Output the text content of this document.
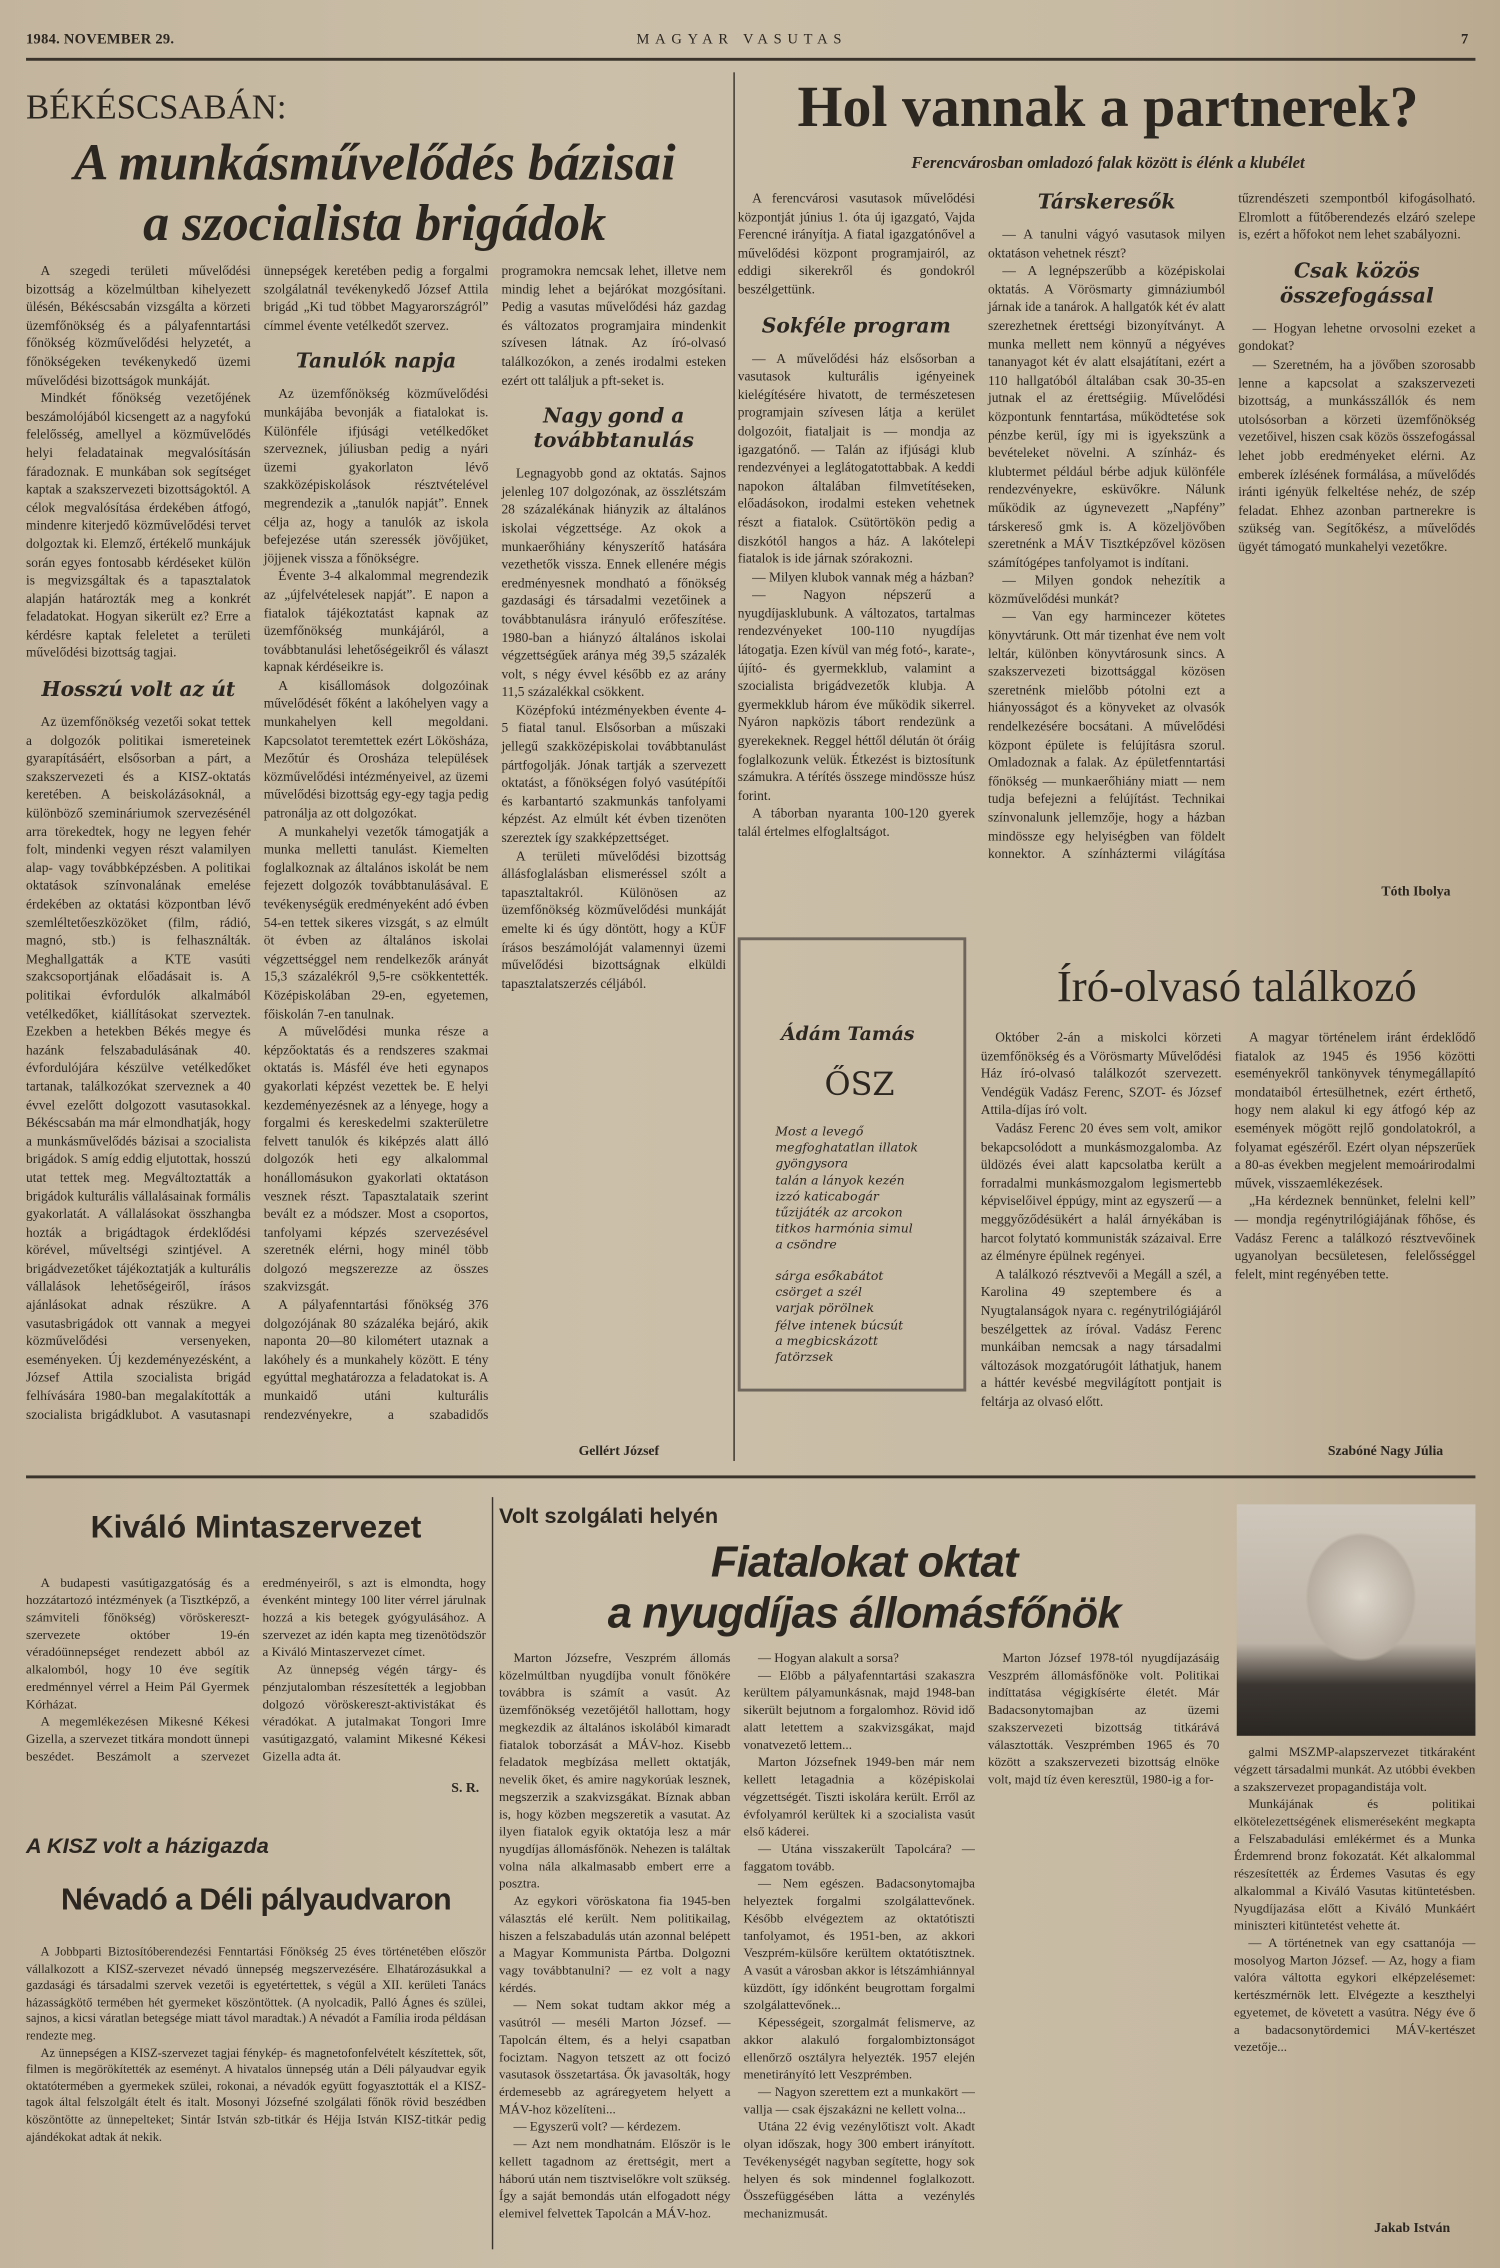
1984. NOVEMBER 29.	MAGYAR VASUTAS	7
BÉKÉSCSABÁN:
A munkásművelődés bázisai
a szocialista brigádok

A szegedi területi művelődési bizottság a közelmúltban kihelyezett ülésén, Békéscsabán vizsgálta a körzeti üzemfőnökség és a pályafenntartási főnökség közművelődési helyzetét, a főnökségeken tevékenykedő üzemi művelődési bizottságok munkáját.

Mindkét főnökség vezetőjének beszámolójából kicsengett az a nagyfokú felelősség, amellyel a közművelődés helyi feladatainak megvalósításán fáradoznak. E munkában sok segítséget kaptak a szakszervezeti bizottságoktól. A célok megvalósítása érdekében átfogó, mindenre kiterjedő közművelődési tervet dolgoztak ki. Elemző, értékelő munkájuk során egyes fontosabb kérdéseket külön is megvizsgáltak és a tapasztalatok alapján határozták meg a konkrét feladatokat. Hogyan sikerült ez? Erre a kérdésre kaptak feleletet a területi művelődési bizottság tagjai.

Hosszú volt az út

Az üzemfőnökség vezetői sokat tettek a dolgozók politikai ismereteinek gyarapításáért, elsősorban a párt, a szakszervezeti és a KISZ-oktatás keretében. A beiskolázásoknál, a különböző szemináriumok szervezésénél arra törekedtek, hogy ne legyen fehér folt, mindenki vegyen részt valamilyen alap- vagy továbbképzésben. A politikai oktatások színvonalának emelése érdekében az oktatási központban lévő szemléltetőeszközöket (film, rádió, magnó, stb.) is felhasználták. Meghallgatták a KTE vasúti szakcsoportjának előadásait is. A politikai évfordulók alkalmából vetélkedőket, kiállításokat szerveztek. Ezekben a hetekben Békés megye és hazánk felszabadulásának 40. évfordulójára készülve vetélkedőket tartanak, találkozókat szerveznek a 40 évvel ezelőtt dolgozott vasutasokkal. Békéscsabán ma már elmondhatják, hogy a munkásművelődés bázisai a szocialista brigádok. S amíg eddig eljutottak, hosszú utat tettek meg. Megváltoztatták a brigádok kulturális vállalásainak formális gyakorlatát. A vállalásokat összhangba hozták a brigádtagok érdeklődési körével, műveltségi szintjével. A brigádvezetőket tájékoztatják a kulturális vállalások lehetőségeiről, írásos ajánlásokat adnak részükre. A vasutasbrigádok ott vannak a megyei közművelődési versenyeken, eseményeken. Új kezdeményezésként, a József Attila szocialista brigád felhívására 1980-ban megalakították a szocialista brigádklubot. A vasutasnapi ünnepségek keretében pedig a forgalmi szolgálatnál tevékenykedő József Attila brigád „Ki tud többet Magyarországról” címmel évente vetélkedőt szervez.

Tanulók napja

Az üzemfőnökség közművelődési munkájába bevonják a fiatalokat is. Különféle ifjúsági vetélkedőket szerveznek, júliusban pedig a nyári üzemi gyakorlaton lévő szakközépiskolások résztvételével megrendezik a „tanulók napját”. Ennek célja az, hogy a tanulók az iskola befejezése után szeressék jövőjüket, jöjjenek vissza a főnökségre.

Évente 3-4 alkalommal megrendezik az „újfelvételesek napját”. E napon a fiatalok tájékoztatást kapnak az üzemfőnökség munkájáról, a továbbtanulási lehetőségeikről és választ kapnak kérdéseikre is.

A kisállomások dolgozóinak művelődését főként a lakóhelyen vagy a munkahelyen kell megoldani. Kapcsolatot teremtettek ezért Lökösháza, Mezőtúr és Orosháza települések közművelődési intézményeivel, az üzemi művelődési bizottság egy-egy tagja pedig patronálja az ott dolgozókat.

A munkahelyi vezetők támogatják a munka melletti tanulást. Kiemelten foglalkoznak az általános iskolát be nem fejezett dolgozók továbbtanulásával. E tevékenységük eredményeként adó évben 54-en tettek sikeres vizsgát, s az elmúlt öt évben az általános iskolai végzettséggel nem rendelkezők arányát 15,3 százalékról 9,5-re csökkentették. Középiskolában 29-en, egyetemen, főiskolán 7-en tanulnak.

A művelődési munka része a képzőoktatás és a rendszeres szakmai oktatás is. Másfél éve heti egynapos gyakorlati képzést vezettek be. E helyi kezdeményezésnek az a lényege, hogy a forgalmi és kereskedelmi szakterületre felvett tanulók és kiképzés alatt álló dolgozók heti egy alkalommal honállomásukon gyakorlati oktatáson vesznek részt. Tapasztalataik szerint bevált ez a módszer. Most a csoportos, tanfolyami képzés szervezésével szeretnék elérni, hogy minél több dolgozó megszerezze az összes szakvizsgát.

A pályafenntartási főnökség 376 dolgozójának 80 százaléka bejáró, akik naponta 20—80 kilométert utaznak a lakóhely és a munkahely között. E tény egyúttal meghatározza a feladatokat is. A munkaidő utáni kulturális rendezvényekre, a szabadidős programokra nemcsak lehet, illetve nem mindig lehet a bejárókat mozgósítani. Pedig a vasutas művelődési ház gazdag és változatos programjaira mindenkit szívesen látnak. Az író-olvasó találkozókon, a zenés irodalmi esteken ezért ott találjuk a pft-seket is.

Nagy gond a továbbtanulás

Legnagyobb gond az oktatás. Sajnos jelenleg 107 dolgozónak, az összlétszám 28 százalékának hiányzik az általános iskolai végzettsége. Az okok a munkaerőhiány kényszerítő hatására vezethetők vissza. Ennek ellenére mégis eredményesnek mondható a főnökség gazdasági és társadalmi vezetőinek a továbbtanulásra irányuló erőfeszítése. 1980-ban a hiányzó általános iskolai végzettségűek aránya még 39,5 százalék volt, s négy évvel később ez az arány 11,5 százalékkal csökkent.

Középfokú intézményekben évente 4-5 fiatal tanul. Elsősorban a műszaki jellegű szakközépiskolai továbbtanulást pártfogolják. Jónak tartják a szervezett oktatást, a főnökségen folyó vasútépítői és karbantartó szakmunkás tanfolyami képzést. Az elmúlt két évben tizenöten szereztek így szakképzettséget.

A területi művelődési bizottság állásfoglalásban elismeréssel szólt a tapasztaltakról. Különösen az üzemfőnökség közművelődési munkáját emelte ki és úgy döntött, hogy a KÜF írásos beszámolóját valamennyi üzemi művelődési bizottságnak elküldi tapasztalatszerzés céljából.

Gellért József
Hol vannak a partnerek?
Ferencvárosban omladozó falak között is élénk a klubélet

A ferencvárosi vasutasok művelődési központját június 1. óta új igazgató, Vajda Ferencné irányítja. A fiatal igazgatónővel a művelődési központ programjairól, az eddigi sikerekről és gondokról beszélgettünk.

Sokféle program

— A művelődési ház elsősorban a vasutasok kulturális igényeinek kielégítésére hivatott, de természetesen programjain szívesen látja a kerület dolgozóit, fiataljait is — mondja az igazgatónő. — Talán az ifjúsági klub rendezvényei a leglátogatottabbak. A keddi napokon általában filmvetítéseken, előadásokon, irodalmi esteken vehetnek részt a fiatalok. Csütörtökön pedig a diszkótól hangos a ház. A lakótelepi fiatalok is ide járnak szórakozni.

— Milyen klubok vannak még a házban?

— Nagyon népszerű a nyugdíjasklubunk. A változatos, tartalmas rendezvényeket 100-110 nyugdíjas látogatja. Ezen kívül van még fotó-, karate-, újító- és gyermekklub, valamint a szocialista brigádvezetők klubja. A gyermekklub három éve működik sikerrel. Nyáron napközis tábort rendezünk a gyerekeknek. Reggel héttől délután öt óráig foglalkozunk velük. Étkezést is biztosítunk számukra. A térítés összege mindössze húsz forint.

A táborban nyaranta 100-120 gyerek talál értelmes elfoglaltságot.

Társkeresők

— A tanulni vágyó vasutasok milyen oktatáson vehetnek részt?

— A legnépszerűbb a középiskolai oktatás. A Vörösmarty gimnáziumból járnak ide a tanárok. A hallgatók két év alatt szerezhetnek érettségi bizonyítványt. A munka mellett nem könnyű a négyéves tananyagot két év alatt elsajátítani, ezért a 110 hallgatóból általában csak 30-35-en jutnak el az érettségiig. Művelődési központunk fenntartása, működtetése sok pénzbe kerül, így mi is igyekszünk a bevételeket növelni. A színház- és klubtermet például bérbe adjuk különféle rendezvényekre, esküvőkre. Nálunk működik az úgynevezett „Napfény” társkereső gmk is. A közeljövőben szeretnénk a MÁV Tisztképzővel közösen számítógépes tanfolyamot is indítani.

— Milyen gondok nehezítik a közművelődési munkát?

— Van egy harmincezer kötetes könyvtárunk. Ott már tizenhat éve nem volt leltár, különben könyvtárosunk sincs. A szakszervezeti bizottsággal közösen szeretnénk mielőbb pótolni ezt a hiányosságot és a könyveket az olvasók rendelkezésére bocsátani. A művelődési központ épülete is felújításra szorul. Omladoznak a falak. Az épületfenntartási főnökség — munkaerőhiány miatt — nem tudja befejezni a felújítást. Technikai színvonalunk jellemzője, hogy a házban mindössze egy helyiségben van földelt konnektor. A színháztermi világítása tűzrendészeti szempontból kifogásolható. Elromlott a fűtőberendezés elzáró szelepe is, ezért a hőfokot nem lehet szabályozni.

Csak közös összefogással

— Hogyan lehetne orvosolni ezeket a gondokat?

— Szeretném, ha a jövőben szorosabb lenne a kapcsolat a szakszervezeti bizottság, a munkásszállók és nem utolsósorban a körzeti üzemfőnökség vezetőivel, hiszen csak közös összefogással lehet jobb eredményeket elérni. Az emberek ízlésének formálása, a művelődés iránti igényük felkeltése nehéz, de szép feladat. Ehhez azonban partnerekre is szükség van. Segítőkész, a művelődés ügyét támogató munkahelyi vezetőkre.

Tóth Ibolya
Ádám Tamás
ŐSZ
Most a levegő
megfoghatatlan illatok
gyöngysora
talán a lányok kezén
izzó katicabogár
tűzijáték az arcokon
titkos harmónia simul
a csöndre
sárga esőkabátot
csörget a szél
varjak pörölnek
félve intenek búcsút
a megbicskázott
fatörzsek
Író-olvasó találkozó

Október 2-án a miskolci körzeti üzemfőnökség és a Vörösmarty Művelődési Ház író-olvasó találkozót szervezett. Vendégük Vadász Ferenc, SZOT- és József Attila-díjas író volt.

Vadász Ferenc 20 éves sem volt, amikor bekapcsolódott a munkásmozgalomba. Az üldözés évei alatt kapcsolatba került a forradalmi munkásmozgalom legismertebb képviselőivel éppúgy, mint az egyszerű — a meggyőződésükért a halál árnyékában is harcot folytató kommunisták százaival. Erre az élményre épülnek regényei.

A találkozó résztvevői a Megáll a szél, a Karolina 49 szeptembere és a Nyugtalanságok nyara c. regénytrilógiájáról beszélgettek az íróval. Vadász Ferenc munkáiban nemcsak a nagy társadalmi változások mozgatórugóit láthatjuk, hanem a háttér kevésbé megvilágított pontjait is feltárja az olvasó előtt.

A magyar történelem iránt érdeklődő fiatalok az 1945 és 1956 közötti eseményekről tankönyvek ténymegállapító mondataiból értesülhetnek, ezért érthető, hogy nem alakul ki egy átfogó kép az események mögött rejlő gondolatokról, a folyamat egészéről. Ezért olyan népszerűek a 80-as években megjelent memoárirodalmi művek, visszaemlékezések.

„Ha kérdeznek bennünket, felelni kell” — mondja regénytrilógiájának főhőse, és Vadász Ferenc a találkozó résztvevőinek ugyanolyan becsületesen, felelősséggel felelt, mint regényében tette.

Szabóné Nagy Júlia
Kiváló Mintaszervezet

A budapesti vasútigazgatóság és a hozzátartozó intézmények (a Tisztképző, a számviteli főnökség) vöröskereszt-szervezete október 19-én véradóünnepséget rendezett abból az alkalomból, hogy 10 éve segítik eredménnyel vérrel a Heim Pál Gyermek Kórházat.

A megemlékezésen Mikesné Kékesi Gizella, a szervezet titkára mondott ünnepi beszédet. Beszámolt a szervezet eredményeiről, s azt is elmondta, hogy évenként mintegy 100 liter vérrel járulnak hozzá a kis betegek gyógyulásához. A szervezet az idén kapta meg tizenötödször a Kiváló Mintaszervezet címet.

Az ünnepség végén tárgy- és pénzjutalomban részesítették a legjobban dolgozó vöröskereszt-aktivistákat és véradókat. A jutalmakat Tongori Imre vasútigazgató, valamint Mikesné Kékesi Gizella adta át.

S. R.
A KISZ volt a házigazda
Névadó a Déli pályaudvaron

A Jobbparti Biztosítóberendezési Fenntartási Főnökség 25 éves történetében először vállalkozott a KISZ-szervezet névadó ünnepség megszervezésére. Elhatározásukkal a gazdasági és társadalmi szervek vezetői is egyetértettek, s végül a XII. kerületi Tanács házasságkötő termében hét gyermeket köszöntöttek. (A nyolcadik, Palló Ágnes és szülei, sajnos, a kicsi váratlan betegsége miatt távol maradtak.) A névadót a Família iroda példásan rendezte meg.

Az ünnepségen a KISZ-szervezet tagjai fénykép- és magnetofonfelvételt készítettek, sőt, filmen is megörökítették az eseményt. A hivatalos ünnepség után a Déli pályaudvar egyik oktatótermében a gyermekek szülei, rokonai, a névadók együtt fogyasztották el a KISZ-tagok által felszolgált ételt és italt. Mosonyi Józsefné szolgálati főnök rövid beszédben köszöntötte az ünnepelteket; Sintár István szb-titkár és Héjja István KISZ-titkár pedig ajándékokat adtak át nekik.

Volt szolgálati helyén
Fiatalokat oktat
a nyugdíjas állomásfőnök

Marton Józsefre, Veszprém állomás közelmúltban nyugdíjba vonult főnökére továbbra is számít a vasút. Az üzemfőnökség vezetőjétől hallottam, hogy megkezdik az általános iskolából kimaradt fiatalok toborzását a MÁV-hoz. Kisebb feladatok megbízása mellett oktatják, nevelik őket, és amire nagykorúak lesznek, megszerzik a szakvizsgákat. Bíznak abban is, hogy közben megszeretik a vasutat. Az ilyen fiatalok egyik oktatója lesz a már nyugdíjas állomásfőnök. Nehezen is találtak volna nála alkalmasabb embert erre a posztra.

Az egykori vöröskatona fia 1945-ben választás elé került. Nem politikailag, hiszen a felszabadulás után azonnal belépett a Magyar Kommunista Pártba. Dolgozni vagy továbbtanulni? — ez volt a nagy kérdés.

— Nem sokat tudtam akkor még a vasútról — meséli Marton József. — Tapolcán éltem, és a helyi csapatban fociztam. Nagyon tetszett az ott focizó vasutasok összetartása. Ők javasolták, hogy érdemesebb az agráregyetem helyett a MÁV-hoz közelíteni...

— Egyszerű volt? — kérdezem.

— Azt nem mondhatnám. Először is le kellett tagadnom az érettségit, mert a háború után nem tisztviselőkre volt szükség. Így a saját bemondás után elfogadott négy elemivel felvettek Tapolcán a MÁV-hoz.

— Hogyan alakult a sorsa?

— Előbb a pályafenntartási szakaszra kerültem pályamunkásnak, majd 1948-ban sikerült bejutnom a forgalomhoz. Rövid idő alatt letettem a szakvizsgákat, majd vonatvezető lettem...

Marton Józsefnek 1949-ben már nem kellett letagadnia a középiskolai végzettségét. Tiszti iskolára került. Erről az évfolyamról kerültek ki a szocialista vasút első káderei.

— Utána visszakerült Tapolcára? — faggatom tovább.

— Nem egészen. Badacsonytomajba helyeztek forgalmi szolgálattevőnek. Később elvégeztem az oktatótiszti tanfolyamot, és 1951-ben, az akkori Veszprém-külsőre kerültem oktatótisztnek. A vasút a városban akkor is létszámhiánnyal küzdött, így időnként beugrottam forgalmi szolgálattevőnek...

Képességeit, szorgalmát felismerve, az akkor alakuló forgalombiztonságot ellenőrző osztályra helyezték. 1957 elején menetirányító lett Veszprémben.

— Nagyon szerettem ezt a munkakört — vallja — csak éjszakázni ne kellett volna...

Utána 22 évig vezénylőtiszt volt. Akadt olyan időszak, hogy 300 embert irányított. Tevékenységét nagyban segítette, hogy sok helyen és sok mindennel foglalkozott. Összefüggésében látta a vezénylés mechanizmusát.

Marton József 1978-tól nyugdíjazásáig Veszprém állomásfőnöke volt. Politikai indíttatása végigkísérte életét. Már Badacsonytomajban az üzemi szakszervezeti bizottság titkárává választották. Veszprémben 1965 és 70 között a szakszervezeti bizottság elnöke volt, majd tíz éven keresztül, 1980-ig a for-

galmi MSZMP-alapszervezet titkáraként végzett társadalmi munkát. Az utóbbi években a szakszervezet propagandistája volt.

Munkájának és politikai elkötelezettségének elismeréseként megkapta a Felszabadulási emlékérmet és a Munka Érdemrend bronz fokozatát. Két alkalommal részesítették az Érdemes Vasutas és egy alkalommal a Kiváló Vasutas kitüntetésben. Nyugdíjazása előtt a Kiváló Munkáért miniszteri kitüntetést vehette át.

— A történetnek van egy csattanója — mosolyog Marton József. — Az, hogy a fiam valóra váltotta egykori elképzelésemet: kertészmérnök lett. Elvégezte a keszthelyi egyetemet, de követett a vasútra. Négy éve ő a badacsonytördemici MÁV-kertészet vezetője...

Jakab István
